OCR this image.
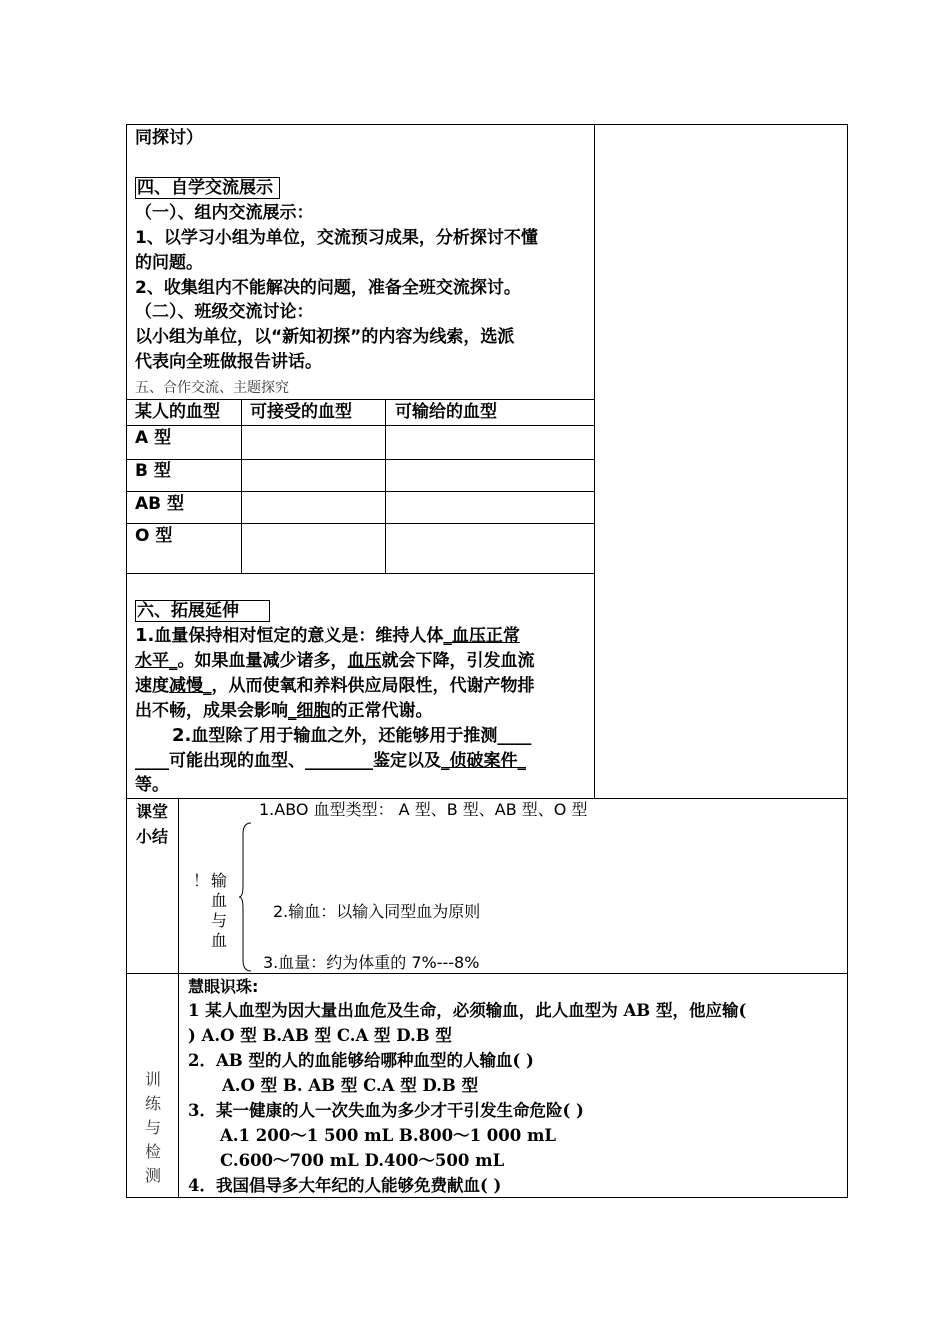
同探讨）
四、自学交流展示
（一）、组内交流展示：
1、以学习小组为单位，交流预习成果，分析探讨不懂
的问题。
2、收集组内不能解决的问题，准备全班交流探讨。
（二）、班级交流讨论：
以小组为单位，以“新知初探”的内容为线索，选派
代表向全班做报告讲话。
五、合作交流、主题探究
某人的血型 可接受的血型	可输给的血型
A 型
B 型
AB 型
O 型
六、拓展延伸
1.血量保持相对恒定的意义是：维持人体_血压正常
水平_。如果血量减少诸多，血压就会下降，引发血流
速度减慢_，从而使氧和养料供应局限性，代谢产物排
出不畅，成果会影响_细胞的正常代谢。
2.血型除了用于输血之外，还能够用于推测____
____可能出现的血型、________鉴定以及_侦破案件_
等。
课堂
小结
1.ABO 血型类型： A 型、B 型、AB 型、O 型
！ 输
血
与
血
2.输血：以输入同型血为原则
3.血量：约为体重的 7%---8%
训
练
与
检
测
慧眼识珠:
1 某人血型为因大量出血危及生命，必须输血，此人血型为 AB 型，他应输(
) A.O 型 B.AB 型 C.A 型 D.B 型
2．AB 型的人的血能够给哪种血型的人输血( )
A.O 型 B. AB 型 C.A 型 D.B 型
3．某一健康的人一次失血为多少才干引发生命危险( )
A.1 200～1 500 mL B.800～1 000 mL
C.600～700 mL D.400～500 mL
4．我国倡导多大年纪的人能够免费献血( )
